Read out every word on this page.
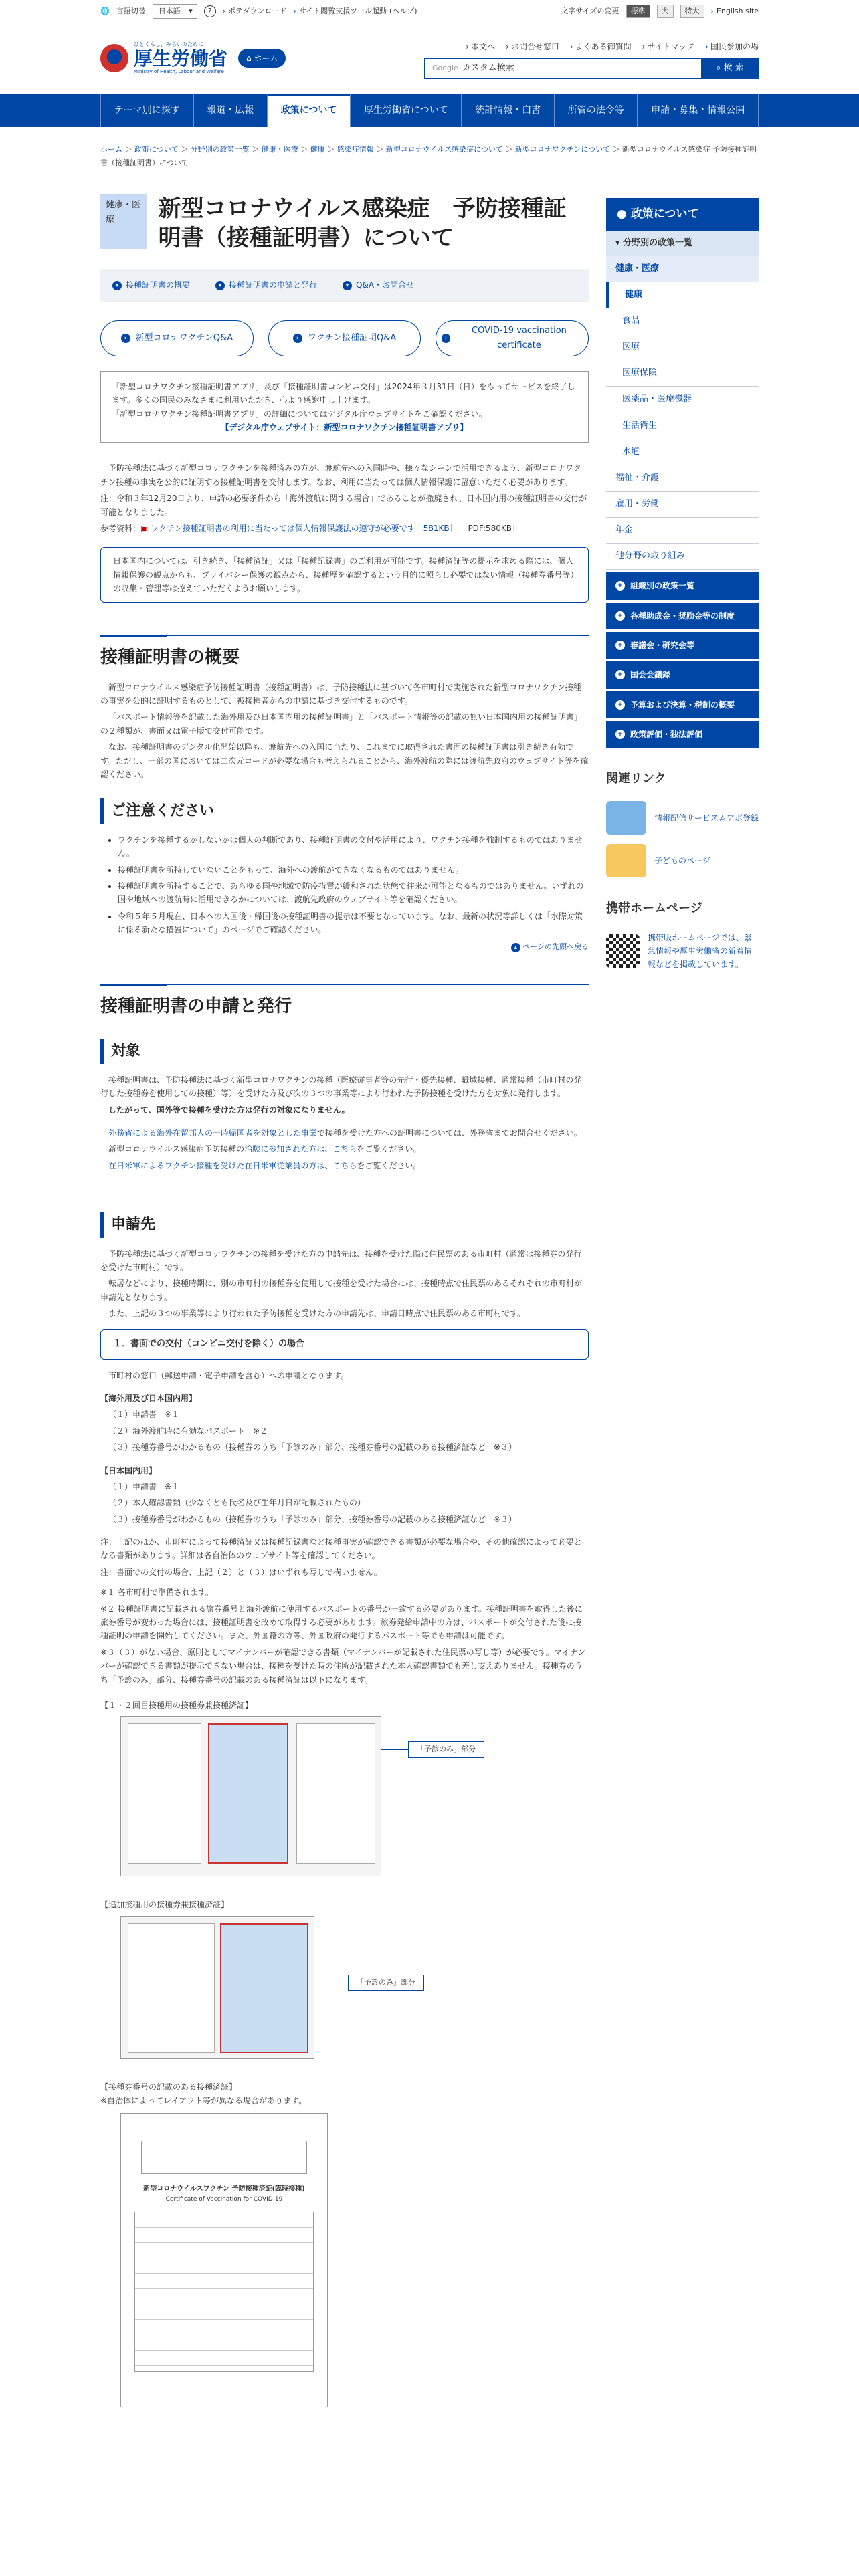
🌐 言語切替	日本語 ▾	?	› ポテダウンロード › サイト閲覧支援ツール起動 (ヘルプ)	文字サイズの変更	標準	大	特大	› English site
ひとくらし、みらいのために
厚生労働省
Ministry of Health, Labour and Welfare
⌂ ホーム
› 本文へ › お問合せ窓口 › よくある御質問 › サイトマップ › 国民参加の場
Google カスタム検索	⌕ 検 索
テーマ別に探す	報道・広報	政策について	厚生労働省について	統計情報・白書	所管の法令等	申請・募集・情報公開
ホーム ＞ 政策について ＞ 分野別の政策一覧 ＞ 健康・医療 ＞ 健康 ＞ 感染症情報 ＞ 新型コロナウイルス感染症について ＞ 新型コロナワクチンについて ＞ 新型コロナウイルス感染症 予防接種証明書（接種証明書）について
健康・医療	新型コロナウイルス感染症　予防接種証明書（接種証明書）について
▾ 接種証明書の概要	▾ 接種証明書の申請と発行	▾ Q&A・お問合せ
›	新型コロナワクチンQ&A	›	ワクチン接種証明Q&A	›
COVID-19 vaccination certificate

「新型コロナワクチン接種証明書アプリ」及び「接種証明書コンビニ交付」は2024年３月31日（日）をもってサービスを終了します。多くの国民のみなさまに利用いただき、心より感謝申し上げます。

「新型コロナワクチン接種証明書アプリ」の詳細についてはデジタル庁ウェブサイトをご確認ください。

【デジタル庁ウェブサイト：新型コロナワクチン接種証明書アプリ】

予防接種法に基づく新型コロナワクチンを接種済みの方が、渡航先への入国時や、様々なシーンで活用できるよう、新型コロナワクチン接種の事実を公的に証明する接種証明書を交付します。なお、利用に当たっては個人情報保護に留意いただく必要があります。

注：令和３年12月20日より、申請の必要条件から「海外渡航に関する場合」であることが撤廃され、日本国内用の接種証明書の交付が可能となりました。

参考資料：▣ ワクチン接種証明書の利用に当たっては個人情報保護法の遵守が必要です［581KB］ ［PDF:580KB］

日本国内については、引き続き、「接種済証」又は「接種記録書」のご利用が可能です。接種済証等の提示を求める際には、個人情報保護の観点からも、プライバシー保護の観点から、接種歴を確認するという目的に照らし必要ではない情報（接種券番号等）の収集・管理等は控えていただくようお願いします。
接種証明書の概要

新型コロナウイルス感染症予防接種証明書（接種証明書）は、予防接種法に基づいて各市町村で実施された新型コロナワクチン接種の事実を公的に証明するものとして、被接種者からの申請に基づき交付するものです。

「パスポート情報等を記載した海外用及び日本国内用の接種証明書」と「パスポート情報等の記載の無い日本国内用の接種証明書」の２種類が、書面又は電子版で交付可能です。

なお、接種証明書のデジタル化開始以降も、渡航先への入国に当たり、これまでに取得された書面の接種証明書は引き続き有効です。ただし、一部の国においては二次元コードが必要な場合も考えられることから、海外渡航の際には渡航先政府のウェブサイト等を確認ください。

ご注意ください
• ワクチンを接種するかしないかは個人の判断であり、接種証明書の交付や活用により、ワクチン接種を強制するものではありません。
• 接種証明書を所持していないことをもって、海外への渡航ができなくなるものではありません。
• 接種証明書を所持することで、あらゆる国や地域で防疫措置が緩和された状態で往来が可能となるものではありません。いずれの国や地域への渡航時に活用できるかについては、渡航先政府のウェブサイト等を確認ください。
• 令和５年５月現在、日本への入国後・帰国後の接種証明書の提示は不要となっています。なお、最新の状況等詳しくは「水際対策に係る新たな措置について」のページでご確認ください。
▴ ページの先頭へ戻る
接種証明書の申請と発行
対象

接種証明書は、予防接種法に基づく新型コロナワクチンの接種（医療従事者等の先行・優先接種、職域接種、通常接種（市町村の発行した接種券を使用しての接種）等）を受けた方及び次の３つの事業等により行われた予防接種を受けた方を対象に発行します。

したがって、国外等で接種を受けた方は発行の対象になりません。

外務省による海外在留邦人の一時帰国者を対象とした事業で接種を受けた方への証明書については、外務省までお問合せください。

新型コロナウイルス感染症予防接種の治験に参加された方は、こちらをご覧ください。

在日米軍によるワクチン接種を受けた在日米軍従業員の方は、こちらをご覧ください。

申請先

予防接種法に基づく新型コロナワクチンの接種を受けた方の申請先は、接種を受けた際に住民票のある市町村（通常は接種券の発行を受けた市町村）です。

転居などにより、接種時期に、別の市町村の接種券を使用して接種を受けた場合には、接種時点で住民票のあるそれぞれの市町村が申請先となります。

また、上記の３つの事業等により行われた予防接種を受けた方の申請先は、申請日時点で住民票のある市町村です。

１．書面での交付（コンビニ交付を除く）の場合

市町村の窓口（郵送申請・電子申請を含む）への申請となります。

【海外用及び日本国内用】

（１）申請書　※１

（２）海外渡航時に有効なパスポート　※２

（３）接種券番号がわかるもの（接種券のうち「予診のみ」部分、接種券番号の記載のある接種済証など　※３）

【日本国内用】

（１）申請書　※１

（２）本人確認書類（少なくとも氏名及び生年月日が記載されたもの）

（３）接種券番号がわかるもの（接種券のうち「予診のみ」部分、接種券番号の記載のある接種済証など　※３）

注：上記のほか、市町村によって接種済証又は接種記録書など接種事実が確認できる書類が必要な場合や、その他確認によって必要となる書類があります。詳細は各自治体のウェブサイト等を確認してください。

注：書面での交付の場合、上記（２）と（３）はいずれも写しで構いません。

※１ 各市町村で準備されます。

※２ 接種証明書に記載される旅券番号と海外渡航に使用するパスポートの番号が一致する必要があります。接種証明書を取得した後に旅券番号が変わった場合には、接種証明書を改めて取得する必要があります。旅券発給申請中の方は、パスポートが交付された後に接種証明の申請を開始してください。また、外国籍の方等、外国政府の発行するパスポート等でも申請は可能です。

※３（３）がない場合、原則としてマイナンバーが確認できる書類（マイナンバーが記載された住民票の写し等）が必要です。マイナンバーが確認できる書類が提示できない場合は、接種を受けた時の住所が記載された本人確認書類でも差し支えありません。接種券のうち「予診のみ」部分、接種券番号の記載のある接種済証は以下になります。

【１・２回目接種用の接種券兼接種済証】

「予診のみ」部分

【追加接種用の接種券兼接種済証】

「予診のみ」部分

【接種券番号の記載のある接種済証】

※自治体によってレイアウト等が異なる場合があります。

新型コロナウイルスワクチン 予防接種済証(臨時接種)
Certificate of Vaccination for COVID-19
● 政策について
▾ 分野別の政策一覧
健康・医療
健康
食品
医療
医療保険
医薬品・医療機器
生活衛生
水道
福祉・介護
雇用・労働
年金
他分野の取り組み
+ 組織別の政策一覧
+ 各種助成金・奨励金等の制度
+ 審議会・研究会等
+ 国会会議録
+ 予算および決算・税制の概要
+ 政策評価・独法評価
関連リンク
情報配信サービスムアポ登録
子どものページ
携帯ホームページ
携帯版ホームページでは、緊急情報や厚生労働省の新着情報などを掲載しています。
